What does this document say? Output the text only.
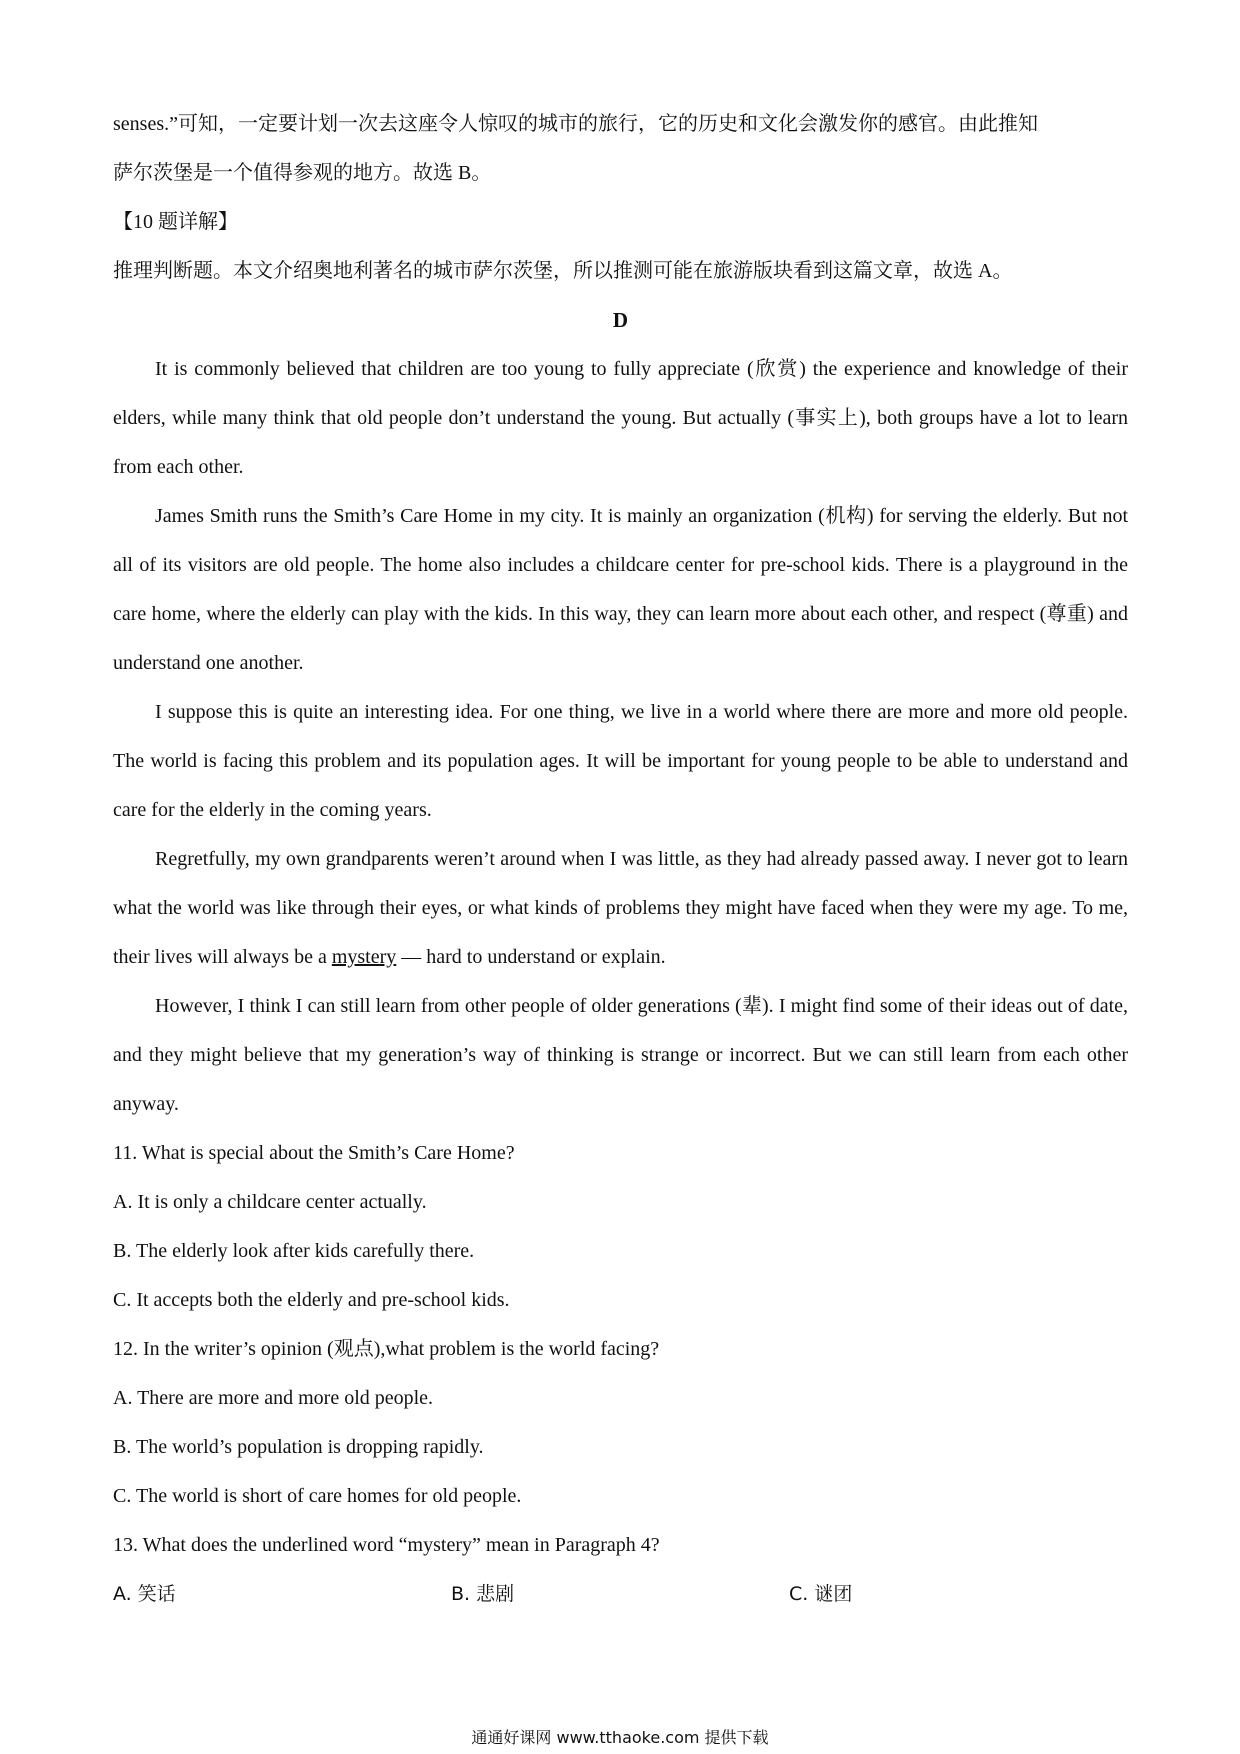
senses.”可知，一定要计划一次去这座令人惊叹的城市的旅行，它的历史和文化会激发你的感官。由此推知

萨尔茨堡是一个值得参观的地方。故选 B。

【10 题详解】

推理判断题。本文介绍奥地利著名的城市萨尔茨堡，所以推测可能在旅游版块看到这篇文章，故选 A。

D

It is commonly believed that children are too young to fully appreciate (欣赏) the experience and knowledge of their elders, while many think that old people don’t understand the young. But actually (事实上), both groups have a lot to learn from each other.

James Smith runs the Smith’s Care Home in my city. It is mainly an organization (机构) for serving the elderly. But not all of its visitors are old people. The home also includes a childcare center for pre-school kids. There is a playground in the care home, where the elderly can play with the kids. In this way, they can learn more about each other, and respect (尊重) and understand one another.

I suppose this is quite an interesting idea. For one thing, we live in a world where there are more and more old people. The world is facing this problem and its population ages. It will be important for young people to be able to understand and care for the elderly in the coming years.

Regretfully, my own grandparents weren’t around when I was little, as they had already passed away. I never got to learn what the world was like through their eyes, or what kinds of problems they might have faced when they were my age. To me, their lives will always be a mystery — hard to understand or explain.

However, I think I can still learn from other people of older generations (辈). I might find some of their ideas out of date, and they might believe that my generation’s way of thinking is strange or incorrect. But we can still learn from each other anyway.

11. What is special about the Smith’s Care Home?

A. It is only a childcare center actually.

B. The elderly look after kids carefully there.

C. It accepts both the elderly and pre-school kids.

12. In the writer’s opinion (观点),what problem is the world facing?

A. There are more and more old people.

B. The world’s population is dropping rapidly.

C. The world is short of care homes for old people.

13. What does the underlined word “mystery” mean in Paragraph 4?

A. 笑话	B. 悲剧	C. 谜团
通通好课网 www.tthaoke.com 提供下载
